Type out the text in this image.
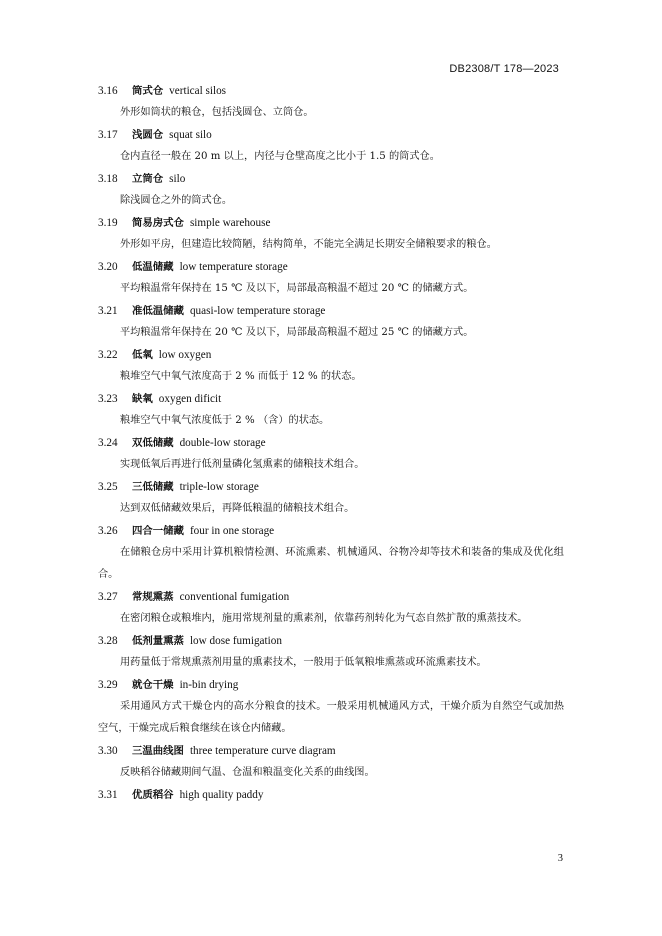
DB2308/T 178—2023
3.16 筒式仓 vertical silos

外形如筒状的粮仓，包括浅圆仓、立筒仓。

3.17 浅圆仓 squat silo

仓内直径一般在 20 m 以上，内径与仓壁高度之比小于 1.5 的筒式仓。

3.18 立筒仓 silo

除浅圆仓之外的筒式仓。

3.19 简易房式仓 simple warehouse

外形如平房，但建造比较简陋，结构简单，不能完全满足长期安全储粮要求的粮仓。

3.20 低温储藏 low temperature storage

平均粮温常年保持在 15 ℃ 及以下，局部最高粮温不超过 20 ℃ 的储藏方式。

3.21 准低温储藏 quasi-low temperature storage

平均粮温常年保持在 20 ℃ 及以下，局部最高粮温不超过 25 ℃ 的储藏方式。

3.22 低氧 low oxygen

粮堆空气中氧气浓度高于 2 % 而低于 12 % 的状态。

3.23 缺氧 oxygen dificit

粮堆空气中氧气浓度低于 2 % （含）的状态。

3.24 双低储藏 double-low storage

实现低氧后再进行低剂量磷化氢熏素的储粮技术组合。

3.25 三低储藏 triple-low storage

达到双低储藏效果后，再降低粮温的储粮技术组合。

3.26 四合一储藏 four in one storage

在储粮仓房中采用计算机粮情检测、环流熏素、机械通风、谷物冷却等技术和装备的集成及优化组合。

3.27 常规熏蒸 conventional fumigation

在密闭粮仓或粮堆内，施用常规剂量的熏素剂，依靠药剂转化为气态自然扩散的熏蒸技术。

3.28 低剂量熏蒸 low dose fumigation

用药量低于常规熏蒸剂用量的熏素技术，一般用于低氧粮堆熏蒸或环流熏素技术。

3.29 就仓干燥 in-bin drying

采用通风方式干燥仓内的高水分粮食的技术。一般采用机械通风方式，干燥介质为自然空气或加热空气，干燥完成后粮食继续在该仓内储藏。

3.30 三温曲线图 three temperature curve diagram

反映稻谷储藏期间气温、仓温和粮温变化关系的曲线图。

3.31 优质稻谷 high quality paddy
3
